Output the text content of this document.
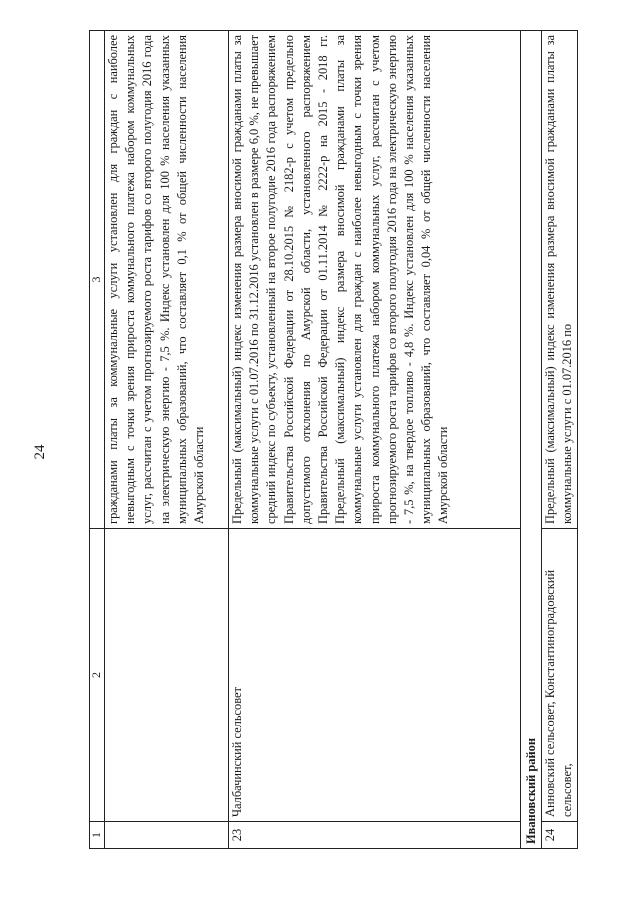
24
1	2	3
		гражданами платы за коммунальные услуги установлен для граждан с наиболее невыгодным с точки зрения прироста коммунального платежа набором коммунальных услуг, рассчитан с учетом прогнозируемого роста тарифов со второго полугодия 2016 года на электрическую энергию - 7,5 %. Индекс установлен для 100 % населения указанных муниципальных образований, что составляет 0,1 % от общей численности населения Амурской области
23	Чалбачинский сельсовет	Предельный (максимальный) индекс изменения размера вносимой гражданами платы за коммунальные услуги с 01.07.2016 по 31.12.2016 установлен в размере 6,0 %, не превышает средний индекс по субъекту, установленный на второе полугодие 2016 года распоряжением Правительства Российской Федерации от 28.10.2015 № 2182-р с учетом предельно допустимого отклонения по Амурской области, установленного распоряжением Правительства Российской Федерации от 01.11.2014 № 2222-р на 2015 - 2018 гг. Предельный (максимальный) индекс размера вносимой гражданами платы за коммунальные услуги установлен для граждан с наиболее невыгодным с точки зрения прироста коммунального платежа набором коммунальных услуг, рассчитан с учетом прогнозируемого роста тарифов со второго полугодия 2016 года на электрическую энергию - 7,5 %, на твердое топливо - 4,8 %. Индекс установлен для 100 % населения указанных муниципальных образований, что составляет 0,04 % от общей численности населения Амурской области
Ивановский район		
24	Анновский сельсовет, Константиноградовский сельсовет,	Предельный (максимальный) индекс изменения размера вносимой гражданами платы за коммунальные услуги с 01.07.2016 по
